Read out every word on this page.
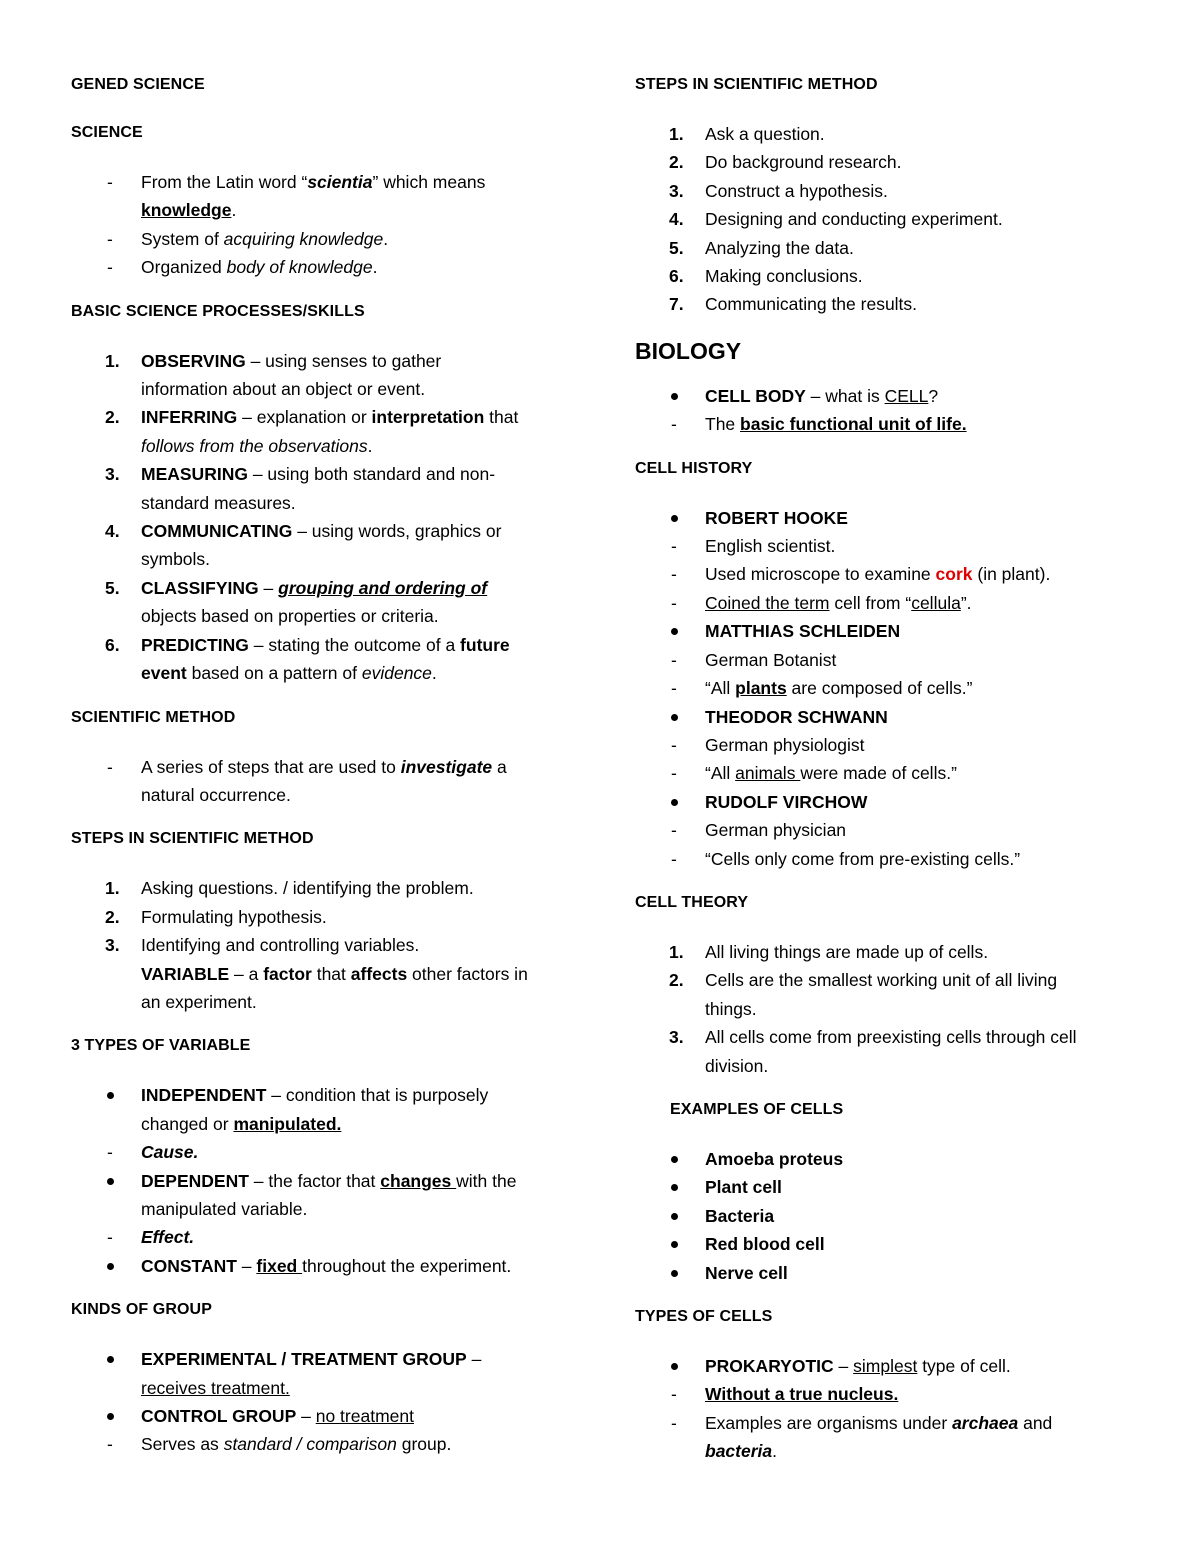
GENED SCIENCE
SCIENCE
- From the Latin word “scientia” which means
knowledge.
- System of acquiring knowledge.
- Organized body of knowledge.
BASIC SCIENCE PROCESSES/SKILLS
1. OBSERVING – using senses to gather
information about an object or event.
2. INFERRING – explanation or interpretation that
follows from the observations.
3. MEASURING – using both standard and non-
standard measures.
4. COMMUNICATING – using words, graphics or
symbols.
5. CLASSIFYING – grouping and ordering of
objects based on properties or criteria.
6. PREDICTING – stating the outcome of a future
event based on a pattern of evidence.
SCIENTIFIC METHOD
- A series of steps that are used to investigate a
natural occurrence.
STEPS IN SCIENTIFIC METHOD
1. Asking questions. / identifying the problem.
2. Formulating hypothesis.
3. Identifying and controlling variables.
VARIABLE – a factor that affects other factors in
an experiment.
3 TYPES OF VARIABLE
INDEPENDENT – condition that is purposely
changed or manipulated.
- Cause.
DEPENDENT – the factor that changes with the
manipulated variable.
- Effect.
CONSTANT – fixed throughout the experiment.
KINDS OF GROUP
EXPERIMENTAL / TREATMENT GROUP –
receives treatment.
CONTROL GROUP – no treatment
- Serves as standard / comparison group.
STEPS IN SCIENTIFIC METHOD
1. Ask a question.
2. Do background research.
3. Construct a hypothesis.
4. Designing and conducting experiment.
5. Analyzing the data.
6. Making conclusions.
7. Communicating the results.
BIOLOGY
CELL BODY – what is CELL?
- The basic functional unit of life.
CELL HISTORY
ROBERT HOOKE
- English scientist.
- Used microscope to examine cork (in plant).
- Coined the term cell from “cellula”.
MATTHIAS SCHLEIDEN
- German Botanist
- “All plants are composed of cells.”
THEODOR SCHWANN
- German physiologist
- “All animals were made of cells.”
RUDOLF VIRCHOW
- German physician
- “Cells only come from pre-existing cells.”
CELL THEORY
1. All living things are made up of cells.
2. Cells are the smallest working unit of all living
things.
3. All cells come from preexisting cells through cell
division.
EXAMPLES OF CELLS
Amoeba proteus
Plant cell
Bacteria
Red blood cell
Nerve cell
TYPES OF CELLS
PROKARYOTIC – simplest type of cell.
- Without a true nucleus.
- Examples are organisms under archaea and
bacteria.
